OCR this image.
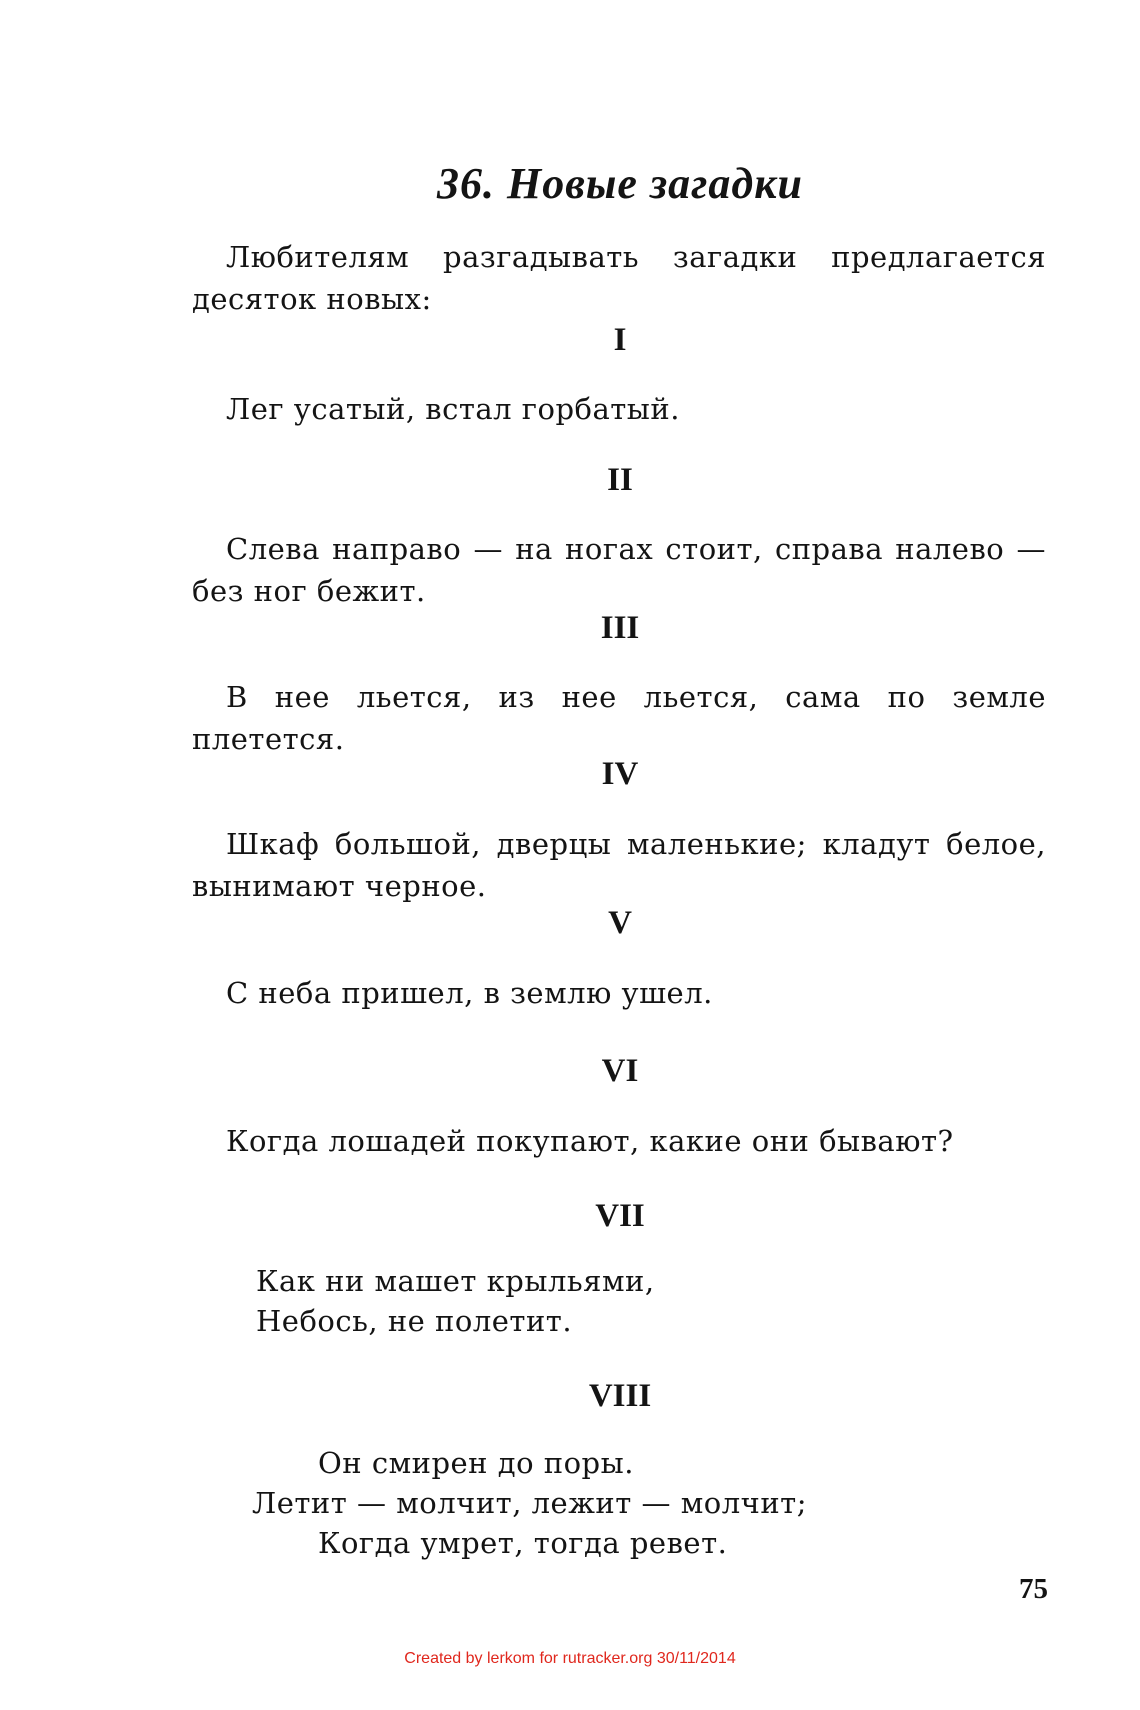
36. Новые загадки
Любителям разгадывать загадки предлагается десяток новых:
I
Лег усатый, встал горбатый.
II
Слева направо — на ногах стоит, справа налево — без ног бежит.
III
В нее льется, из нее льется, сама по земле плетется.
IV
Шкаф большой, дверцы маленькие; кладут белое, вынимают черное.
V
С неба пришел, в землю ушел.
VI
Когда лошадей покупают, какие они бывают?
VII
Как ни машет крыльями,
Небось, не полетит.
VIII
Он смирен до поры.
Летит — молчит, лежит — молчит;
Когда умрет, тогда ревет.
75
Created by lerkom for rutracker.org 30/11/2014
